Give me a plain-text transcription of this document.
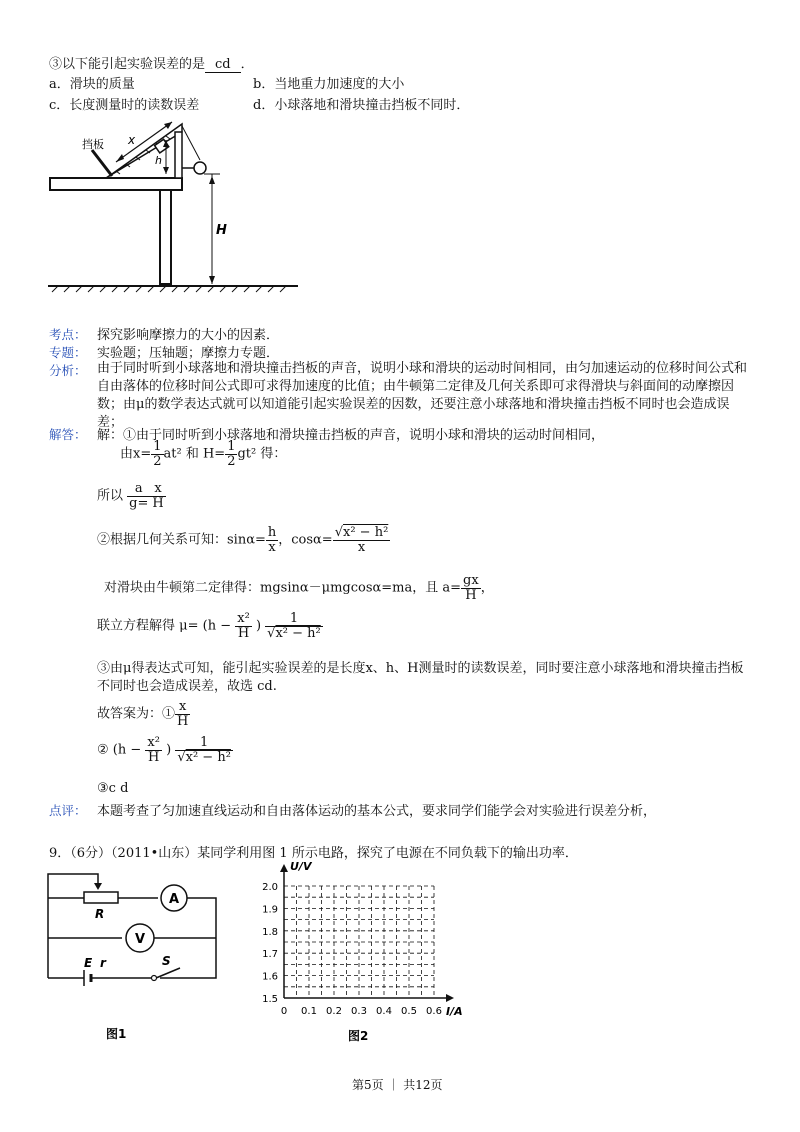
③以下能引起实验误差的是 cd ．
a．滑块的质量	b．当地重力加速度的大小
c．长度测量时的读数误差	d．小球落地和滑块撞击挡板不同时．
挡板 x
h
H
考点： 探究影响摩擦力的大小的因素．
专题： 实验题；压轴题；摩擦力专题．
分析： 由于同时听到小球落地和滑块撞击挡板的声音，说明小球和滑块的运动时间相同，由匀加速运动的位移时间公式和自由落体的位移时间公式即可求得加速度的比值；由牛顿第二定律及几何关系即可求得滑块与斜面间的动摩擦因数；由μ的数学表达式就可以知道能引起实验误差的因数，还要注意小球落地和滑块撞击挡板不同时也会造成误差；
解答： 解：①由于同时听到小球落地和滑块撞击挡板的声音，说明小球和滑块的运动时间相同，
由$x= \frac{1}{2} at^2$ 和 $H= \frac{1}{2} gt^2$ 得：
所以 $\frac{a}{g=} \frac{x}{H}$
②根据几何关系可知：$\sin\alpha= \frac{h}{x}$ ，$\cos\alpha= \frac{\text{√x² − h²}}{x}$
对滑块由牛顿第二定律得：mgsinα－μmgcosα=ma，且 $a= \frac{gx}{H}$ ，
联立方程解得 $\mu= (h - \frac{\text{x²}}{H}$ ) $\frac{1}{\text{√x² − h²}}$
③由μ得表达式可知，能引起实验误差的是长度x、h、H测量时的读数误差，同时要注意小球落地和滑块撞击挡板不同时也会造成误差，故选 cd.
故答案为：① $\frac{x}{H}$
② ($h - \frac{\text{x²}}{H}$ ) $\frac{1}{\text{√x² − h²}}$
③c d
点评： 本题考查了匀加速直线运动和自由落体运动的基本公式，要求同学们能学会对实验进行误差分析，
9．（6分）（2011•山东）某同学利用图 1 所示电路，探究了电源在不同负载下的输出功率．
R
A
V
E r	S
图1
0 0.1 0.2 0.3 0.4 0.5 0.6
2.0
1.9
1.8
1.7
1.6
1.5
I/A
U/V
图2
第5页 ｜ 共12页
